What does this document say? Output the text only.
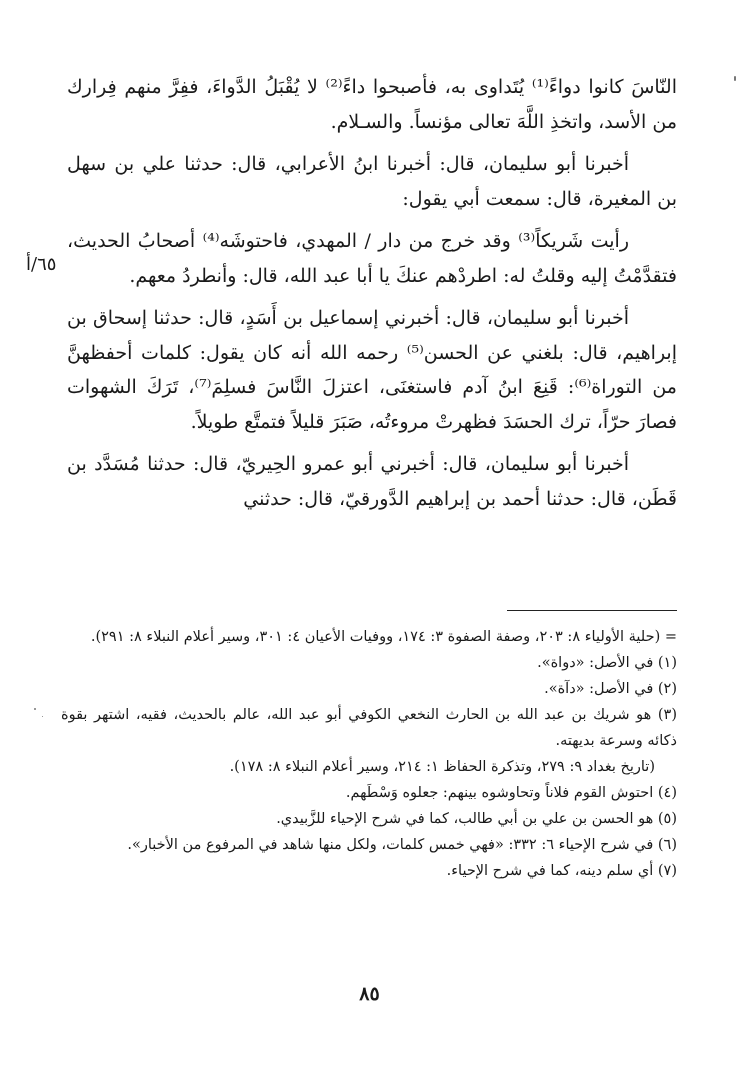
النّاسَ كانوا دواءً⁽¹⁾ يُتَداوى به، فأصبحوا داءً⁽²⁾ لا يُقْبَلُ الدَّواءَ، ففِرَّ منهم فِرارك من الأسد، واتخذِ اللَّهَ تعالى مؤنساً. والسـلام.

أخبرنا أبو سليمان، قال: أخبرنا ابنُ الأعرابي، قال: حدثنا علي بن سهل بن المغيرة، قال: سمعت أبي يقول:

رأيت شَريكاً⁽³⁾ وقد خرج من دار / المهدي، فاحتوشَه⁽⁴⁾ أصحابُ الحديث، فتقدَّمْتُ إليه وقلتُ له: اطردْهم عنكَ يا أبا عبد الله، قال: وأنطردُ معهم.

أخبرنا أبو سليمان، قال: أخبرني إسماعيل بن أَسَدٍ، قال: حدثنا إسحاق بن إبراهيم، قال: بلغني عن الحسن⁽⁵⁾ رحمه الله أنه كان يقول: كلمات أحفظهنَّ من التوراة⁽⁶⁾: قَنِعَ ابنُ آدم فاستغنَى، اعتزلَ النَّاسَ فسلِمَ⁽⁷⁾، تَرَكَ الشهوات فصارَ حرّاً، ترك الحسَدَ فظهرتْ مروءتُه، صَبَرَ قليلاً فتمتَّع طويلاً.

أخبرنا أبو سليمان، قال: أخبرني أبو عمرو الحِيريّ، قال: حدثنا مُسَدَّد بن قَطَن، قال: حدثنا أحمد بن إبراهيم الدَّورقيّ، قال: حدثني

٦٥/أ

= (حلية الأولياء ٨: ٢٠٣، وصفة الصفوة ٣: ١٧٤، ووفيات الأعيان ٤: ٣٠١، وسير أعلام النبلاء ٨: ٢٩١).

(١) في الأصل: «دواة».

(٢) في الأصل: «دآة».

(٣) هو شريك بن عبد الله بن الحارث النخعي الكوفي أبو عبد الله، عالم بالحديث، فقيه، اشتهر بقوة ذكائه وسرعة بديهته.

(تاريخ بغداد ٩: ٢٧٩، وتذكرة الحفاظ ١: ٢١٤، وسير أعلام النبلاء ٨: ١٧٨).

(٤) احتوش القوم فلاناً وتحاوشوه بينهم: جعلوه وَسْطَهم.

(٥) هو الحسن بن علي بن أبي طالب، كما في شرح الإحياء للزَّبيدي.

(٦) في شرح الإحياء ٦: ٣٣٢: «فهي خمس كلمات، ولكل منها شاهد في المرفوع من الأخبار».

(٧) أي سلم دينه، كما في شرح الإحياء.

٨٥
